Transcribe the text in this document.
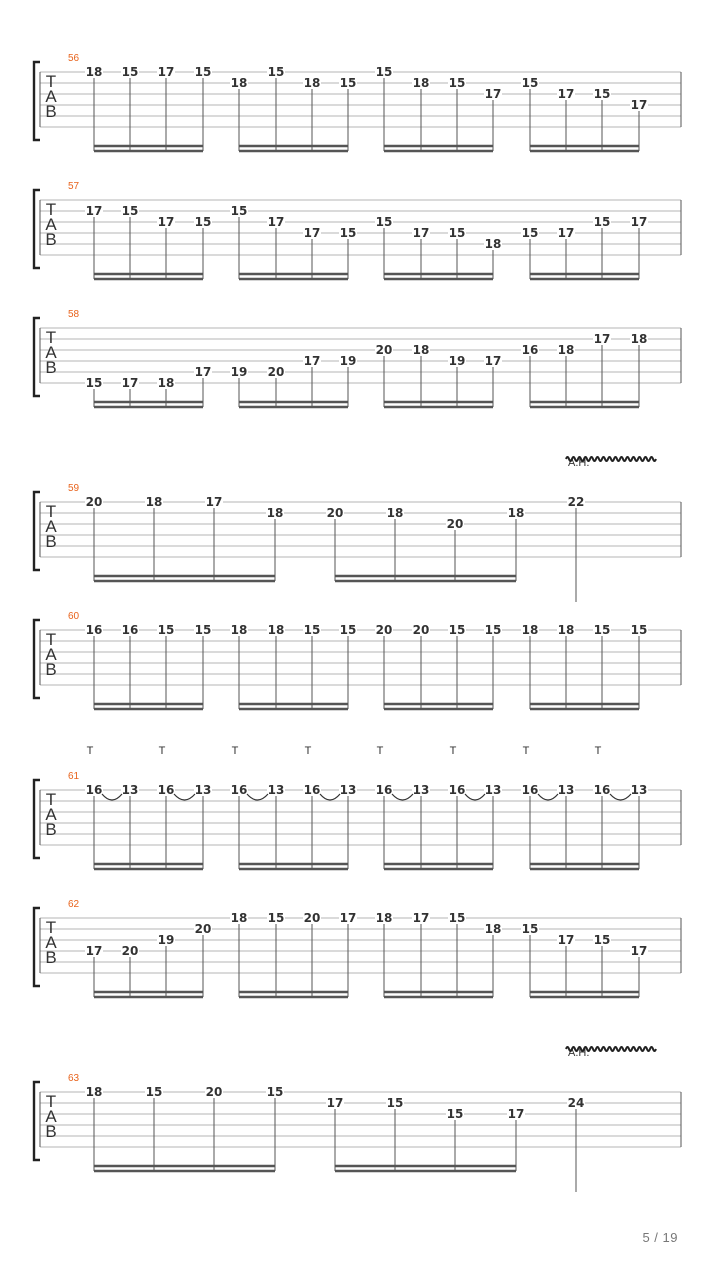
56
T
A
B
18 15 17 15
18
15
18 15
15
18 15
17
15
17 15
17
57
T
A
B
17 15
17 15
15
17
17 15
15
17 15
18
15 17
15 17
58
T
A
B
15 17 18
17 19 20
17 19
20 18
19 17
16 18
17 18
59
T
A
B
A.H.
20	18	17
18	20	18
20
18
22
60
T
A
B
16 16 15 15 18 18 15 15 20 20 15 15 18 18 15 15
61
T
A
B
T	T	T	T	T	T	T	T
16 13 16 13 16 13 16 13 16 13 16 13 16 13 16 13
62
T
A
B 17 20
19
20
18 15 20 17 18 17 15
18 15
17 15
17
63
T
A
B
A.H.
18	15	20	15
17	15
15	17
24
5 / 19
